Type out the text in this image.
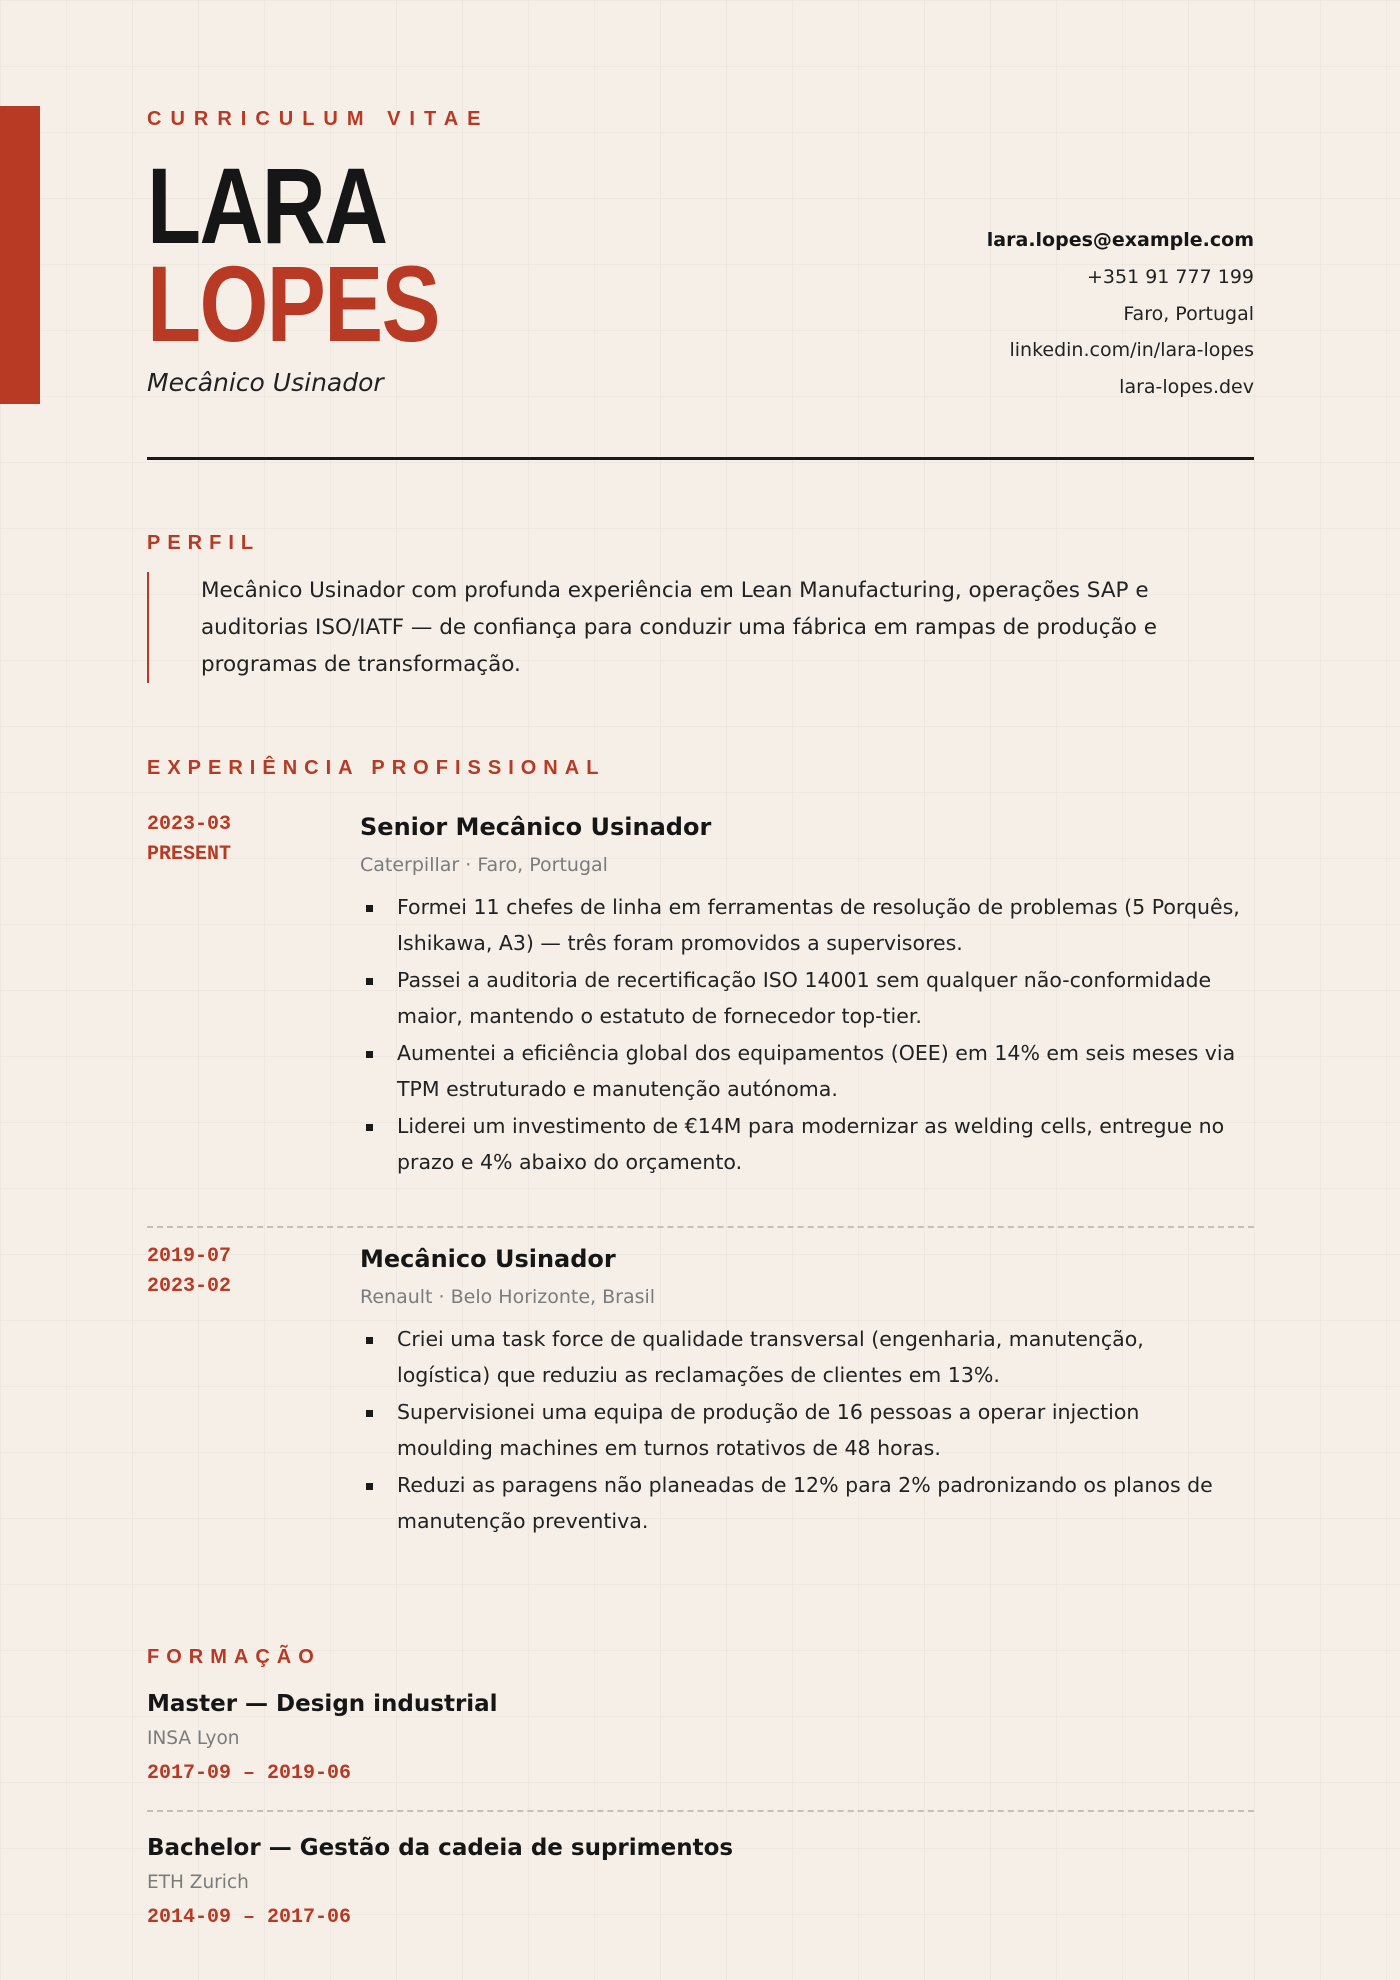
CURRICULUM VITAE
LARA
LOPES
Mecânico Usinador
lara.lopes@example.com
+351 91 777 199
Faro, Portugal
linkedin.com/in/lara-lopes
lara-lopes.dev
PERFIL
Mecânico Usinador com profunda experiência em Lean Manufacturing, operações SAP e auditorias ISO/IATF — de confiança para conduzir uma fábrica em rampas de produção e programas de transformação.
EXPERIÊNCIA PROFISSIONAL
2023-03
PRESENT
Senior Mecânico Usinador
Caterpillar · Faro, Portugal
Formei 11 chefes de linha em ferramentas de resolução de problemas (5 Porquês, Ishikawa, A3) — três foram promovidos a supervisores.
Passei a auditoria de recertificação ISO 14001 sem qualquer não-conformidade maior, mantendo o estatuto de fornecedor top-tier.
Aumentei a eficiência global dos equipamentos (OEE) em 14% em seis meses via TPM estruturado e manutenção autónoma.
Liderei um investimento de €14M para modernizar as welding cells, entregue no prazo e 4% abaixo do orçamento.
2019-07
2023-02
Mecânico Usinador
Renault · Belo Horizonte, Brasil
Criei uma task force de qualidade transversal (engenharia, manutenção, logística) que reduziu as reclamações de clientes em 13%.
Supervisionei uma equipa de produção de 16 pessoas a operar injection moulding machines em turnos rotativos de 48 horas.
Reduzi as paragens não planeadas de 12% para 2% padronizando os planos de manutenção preventiva.
FORMAÇÃO
Master — Design industrial
INSA Lyon
2017-09 – 2019-06
Bachelor — Gestão da cadeia de suprimentos
ETH Zurich
2014-09 – 2017-06
